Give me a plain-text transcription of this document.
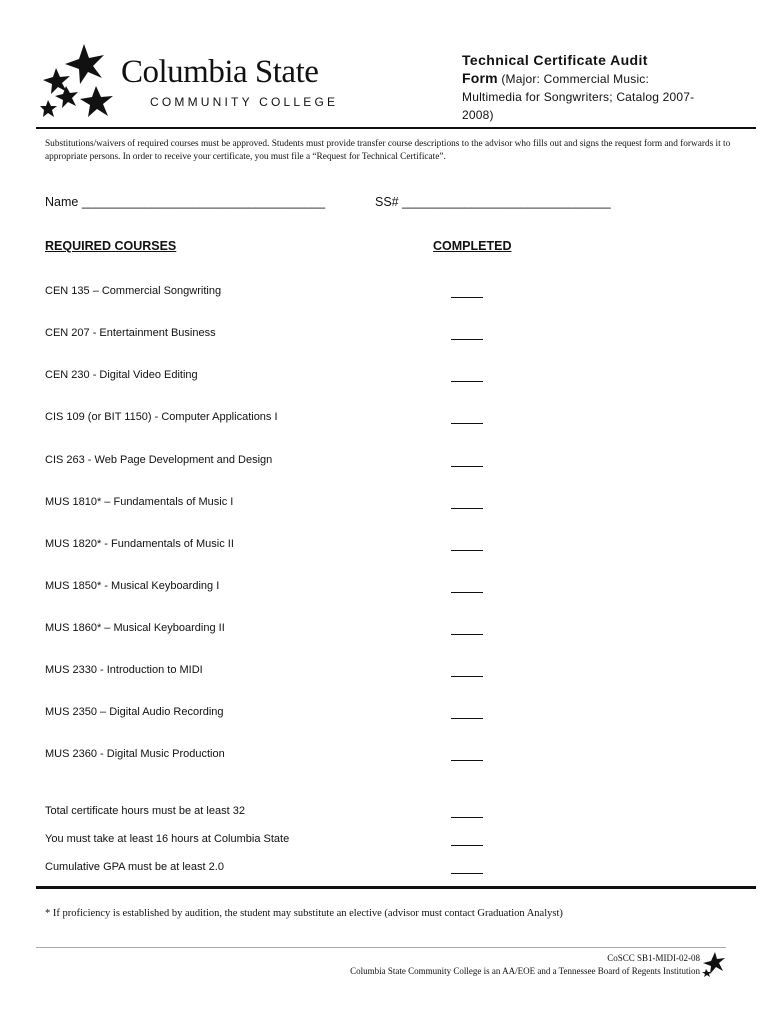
Columbia State
COMMUNITY COLLEGE
Technical Certificate Audit
Form (Major: Commercial Music:
Multimedia for Songwriters; Catalog 2007-
2008)
Substitutions/waivers of required courses must be approved. Students must provide transfer course descriptions to the advisor who fills out and signs the request form and forwards it to appropriate persons. In order to receive your certificate, you must file a “Request for Technical Certificate”.
Name ___________________________________	SS# ______________________________
REQUIRED COURSES	COMPLETED
CEN 135 – Commercial Songwriting
CEN 207 - Entertainment Business
CEN 230 - Digital Video Editing
CIS 109 (or BIT 1150) - Computer Applications I
CIS 263 - Web Page Development and Design
MUS 1810* – Fundamentals of Music I
MUS 1820* - Fundamentals of Music II
MUS 1850* - Musical Keyboarding I
MUS 1860* – Musical Keyboarding II
MUS 2330 - Introduction to MIDI
MUS 2350 – Digital Audio Recording
MUS 2360 - Digital Music Production
Total certificate hours must be at least 32
You must take at least 16 hours at Columbia State
Cumulative GPA must be at least 2.0
* If proficiency is established by audition, the student may substitute an elective (advisor must contact Graduation Analyst)
CoSCC SB1-MIDI-02-08
Columbia State Community College is an AA/EOE and a Tennessee Board of Regents Institution
